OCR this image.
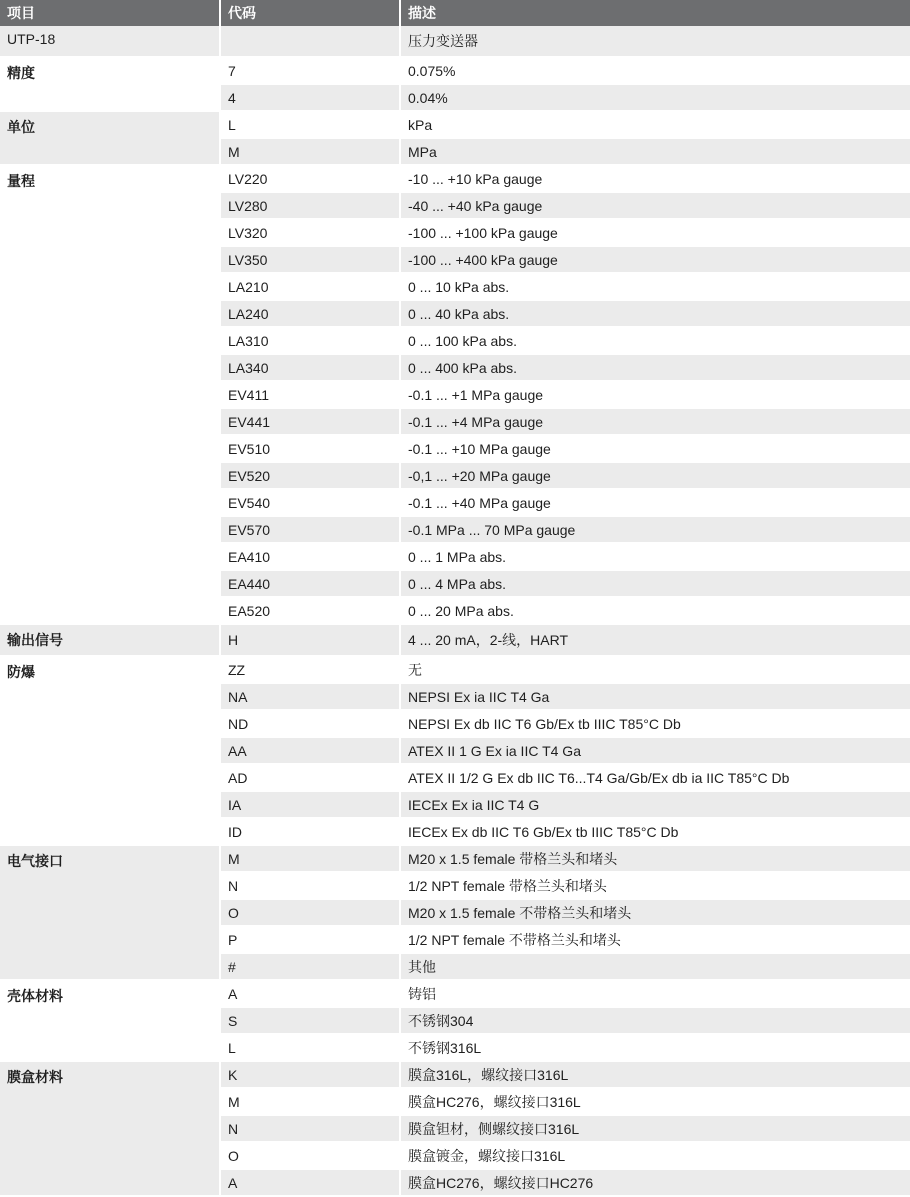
项目	代码	描述
UTP-18		压力变送器
精度	7	0.075%
	4	0.04%
单位	L	kPa
	M	MPa
量程	LV220	-10 ... +10 kPa gauge
	LV280	-40 ... +40 kPa gauge
	LV320	-100 ... +100 kPa gauge
	LV350	-100 ... +400 kPa gauge
	LA210	0 ... 10 kPa abs.
	LA240	0 ... 40 kPa abs.
	LA310	0 ... 100 kPa abs.
	LA340	0 ... 400 kPa abs.
	EV411	-0.1 ... +1 MPa gauge
	EV441	-0.1 ... +4 MPa gauge
	EV510	-0.1 ... +10 MPa gauge
	EV520	-0,1 ... +20 MPa gauge
	EV540	-0.1 ... +40 MPa gauge
	EV570	-0.1 MPa ... 70 MPa gauge
	EA410	0 ... 1 MPa abs.
	EA440	0 ... 4 MPa abs.
	EA520	0 ... 20 MPa abs.
输出信号	H	4 ... 20 mA，2-线，HART
防爆	ZZ	无
	NA	NEPSI Ex ia IIC T4 Ga
	ND	NEPSI Ex db IIC T6 Gb/Ex tb IIIC T85°C Db
	AA	ATEX II 1 G Ex ia IIC T4 Ga
	AD	ATEX II 1/2 G Ex db IIC T6...T4 Ga/Gb/Ex db ia IIC T85°C Db
	IA	IECEx Ex ia IIC T4 G
	ID	IECEx Ex db IIC T6 Gb/Ex tb IIIC T85°C Db
电气接口	M	M20 x 1.5 female 带格兰头和堵头
	N	1/2 NPT female 带格兰头和堵头
	O	M20 x 1.5 female 不带格兰头和堵头
	P	1/2 NPT female 不带格兰头和堵头
	#	其他
壳体材料	A	铸铝
	S	不锈钢304
	L	不锈钢316L
膜盒材料	K	膜盒316L，螺纹接口316L
	M	膜盒HC276，螺纹接口316L
	N	膜盒钽材，侧螺纹接口316L
	O	膜盒镀金，螺纹接口316L
	A	膜盒HC276，螺纹接口HC276
